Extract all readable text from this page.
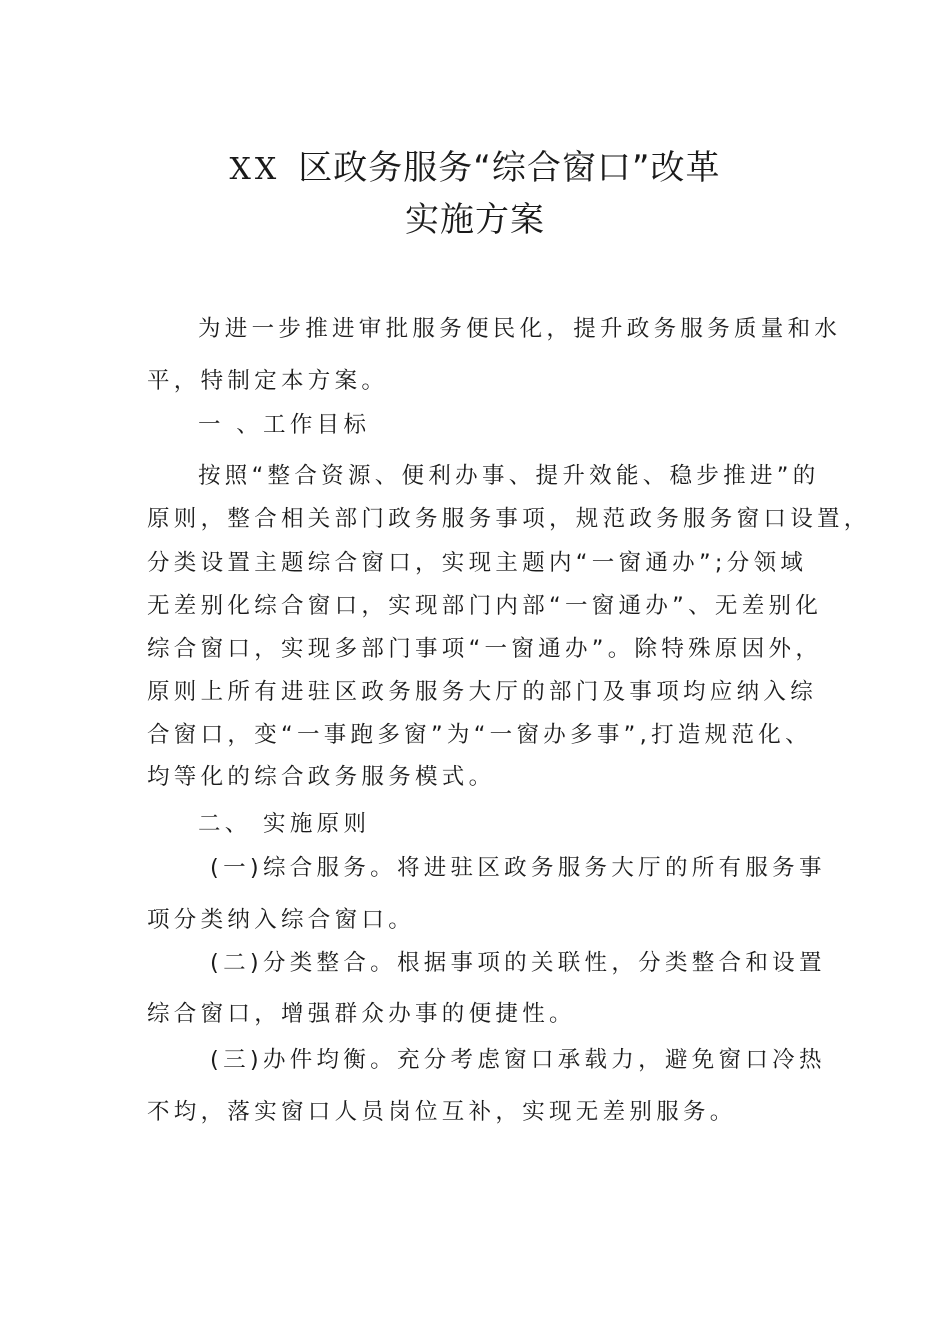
XX 区政务服务“综合窗口”改革
实施方案
为进一步推进审批服务便民化，提升政务服务质量和水
平，特制定本方案。
一 、工作目标
按照“整合资源、便利办事、提升效能、稳步推进”的
原则，整合相关部门政务服务事项，规范政务服务窗口设置，
分类设置主题综合窗口，实现主题内“一窗通办”;分领域
无差别化综合窗口，实现部门内部“一窗通办”、无差别化
综合窗口，实现多部门事项“一窗通办”。除特殊原因外，
原则上所有进驻区政务服务大厅的部门及事项均应纳入综
合窗口，变“一事跑多窗”为“一窗办多事”,打造规范化、
均等化的综合政务服务模式。
二、 实施原则
(一)综合服务。将进驻区政务服务大厅的所有服务事
项分类纳入综合窗口。
(二)分类整合。根据事项的关联性，分类整合和设置
综合窗口，增强群众办事的便捷性。
(三)办件均衡。充分考虑窗口承载力，避免窗口冷热
不均，落实窗口人员岗位互补，实现无差别服务。
